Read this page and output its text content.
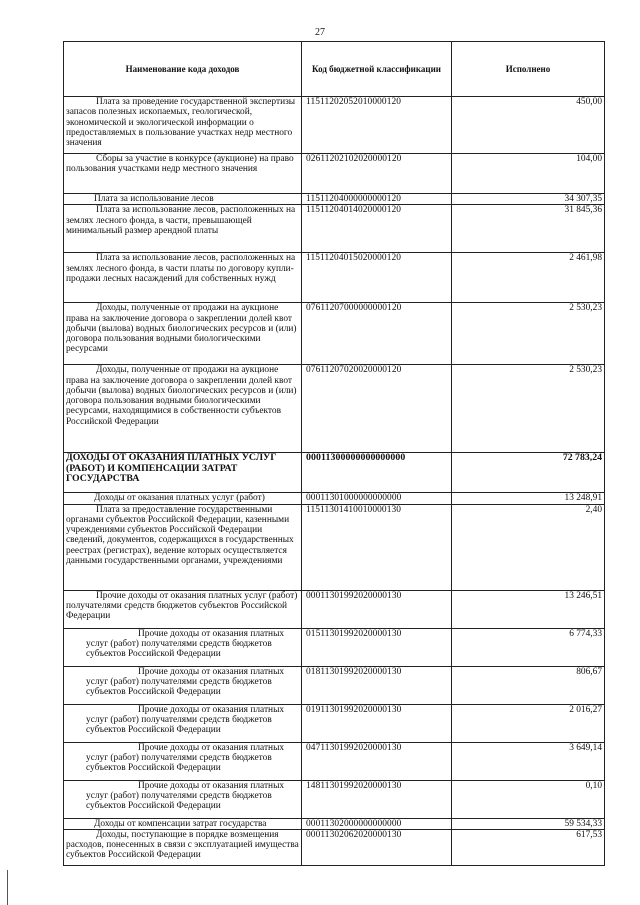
27
Наименование кода доходов	Код бюджетной классификации	Исполнено
Плата за проведение государственной экспертизы запасов полезных ископаемых, геологической, экономической и экологической информации о предоставляемых в пользование участках недр местного значения	11511202052010000120	450,00
Сборы за участие в конкурсе (аукционе) на право пользования участками недр местного значения	02611202102020000120	104,00
Плата за использование лесов	11511204000000000120	34 307,35
Плата за использование лесов, расположенных на землях лесного фонда, в части, превышающей минимальный размер арендной платы	11511204014020000120	31 845,36
Плата за использование лесов, расположенных на землях лесного фонда, в части платы по договору купли-продажи лесных насаждений для собственных нужд	11511204015020000120	2 461,98
Доходы, полученные от продажи на аукционе права на заключение договора о закреплении долей квот добычи (вылова) водных биологических ресурсов и (или) договора пользования водными биологическими ресурсами	07611207000000000120	2 530,23
Доходы, полученные от продажи на аукционе права на заключение договора о закреплении долей квот добычи (вылова) водных биологических ресурсов и (или) договора пользования водными биологическими ресурсами, находящимися в собственности субъектов Российской Федерации	07611207020020000120	2 530,23
ДОХОДЫ ОТ ОКАЗАНИЯ ПЛАТНЫХ УСЛУГ (РАБОТ) И КОМПЕНСАЦИИ ЗАТРАТ ГОСУДАРСТВА	00011300000000000000	72 783,24
Доходы от оказания платных услуг (работ)	00011301000000000000	13 248,91
Плата за предоставление государственными органами субъектов Российской Федерации, казенными учреждениями субъектов Российской Федерации сведений, документов, содержащихся в государственных реестрах (регистрах), ведение которых осуществляется данными государственными органами, учреждениями	11511301410010000130	2,40
Прочие доходы от оказания платных услуг (работ) получателями средств бюджетов субъектов Российской Федерации	00011301992020000130	13 246,51
Прочие доходы от оказания платных услуг (работ) получателями средств бюджетов субъектов Российской Федерации	01511301992020000130	6 774,33
Прочие доходы от оказания платных услуг (работ) получателями средств бюджетов субъектов Российской Федерации	01811301992020000130	806,67
Прочие доходы от оказания платных услуг (работ) получателями средств бюджетов субъектов Российской Федерации	01911301992020000130	2 016,27
Прочие доходы от оказания платных услуг (работ) получателями средств бюджетов субъектов Российской Федерации	04711301992020000130	3 649,14
Прочие доходы от оказания платных услуг (работ) получателями средств бюджетов субъектов Российской Федерации	14811301992020000130	0,10
Доходы от компенсации затрат государства	00011302000000000000	59 534,33
Доходы, поступающие в порядке возмещения расходов, понесенных в связи с эксплуатацией имущества субъектов Российской Федерации	00011302062020000130	617,53
